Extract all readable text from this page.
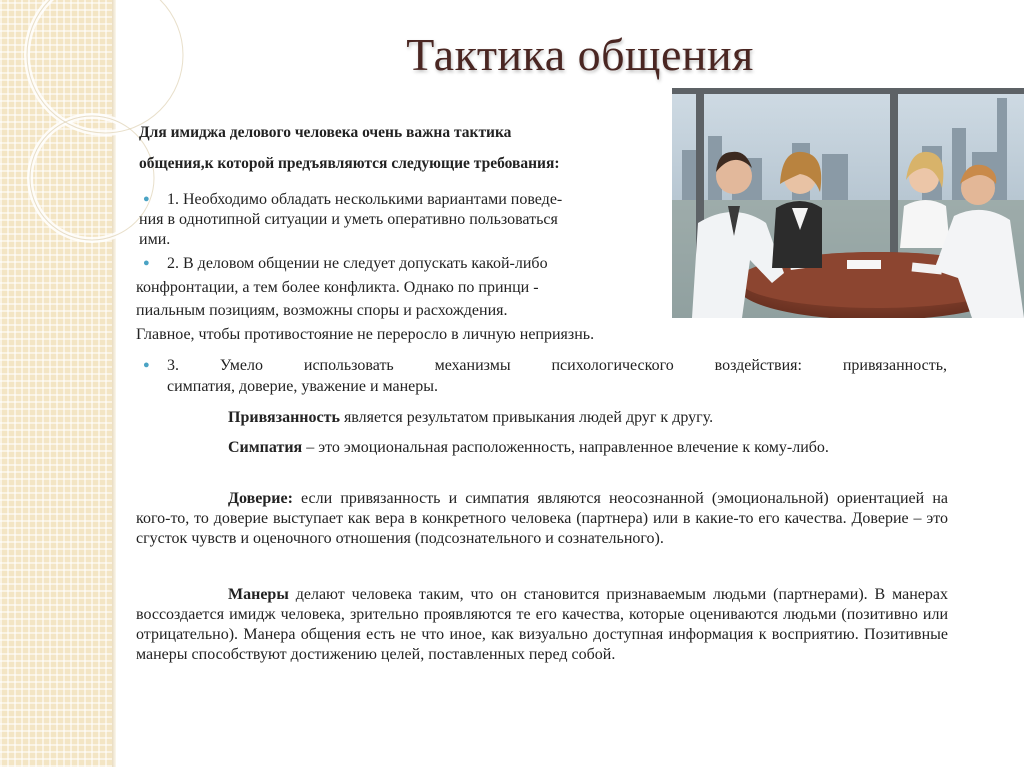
Тактика общения
Для имиджа делового человека очень важна тактика
общения,к которой предъявляются следующие требования:
● 1. Необходимо обладать несколькими вариантами поведе-
ния в однотипной ситуации и уметь оперативно пользоваться
ими.
● 2. В деловом общении не следует допускать какой-либо
конфронтации, а тем более конфликта. Однако по принци -
пиальным позициям, возможны споры и расхождения.
Главное, чтобы противостояние не переросло в личную неприязнь.
● 3. Умело использовать механизмы психологического воздействия: привязанность,
симпатия, доверие, уважение и манеры.
Привязанность является результатом привыкания людей друг к другу.
Симпатия – это эмоциональная расположенность, направленное влечение к кому-либо.
Доверие: если привязанность и симпатия являются неосознанной (эмоциональной) ориентацией на кого-то, то доверие выступает как вера в конкретного человека (партнера) или в какие-то его качества. Доверие – это сгусток чувств и оценочного отношения (подсознательного и сознательного).
Манеры делают человека таким, что он становится признаваемым людьми (партнерами). В манерах воссоздается имидж человека, зрительно проявляются те его качества, которые оцениваются людьми (позитивно или отрицательно). Манера общения есть не что иное, как визуально доступная информация к восприятию. Позитивные манеры способствуют достижению целей, поставленных перед собой.
